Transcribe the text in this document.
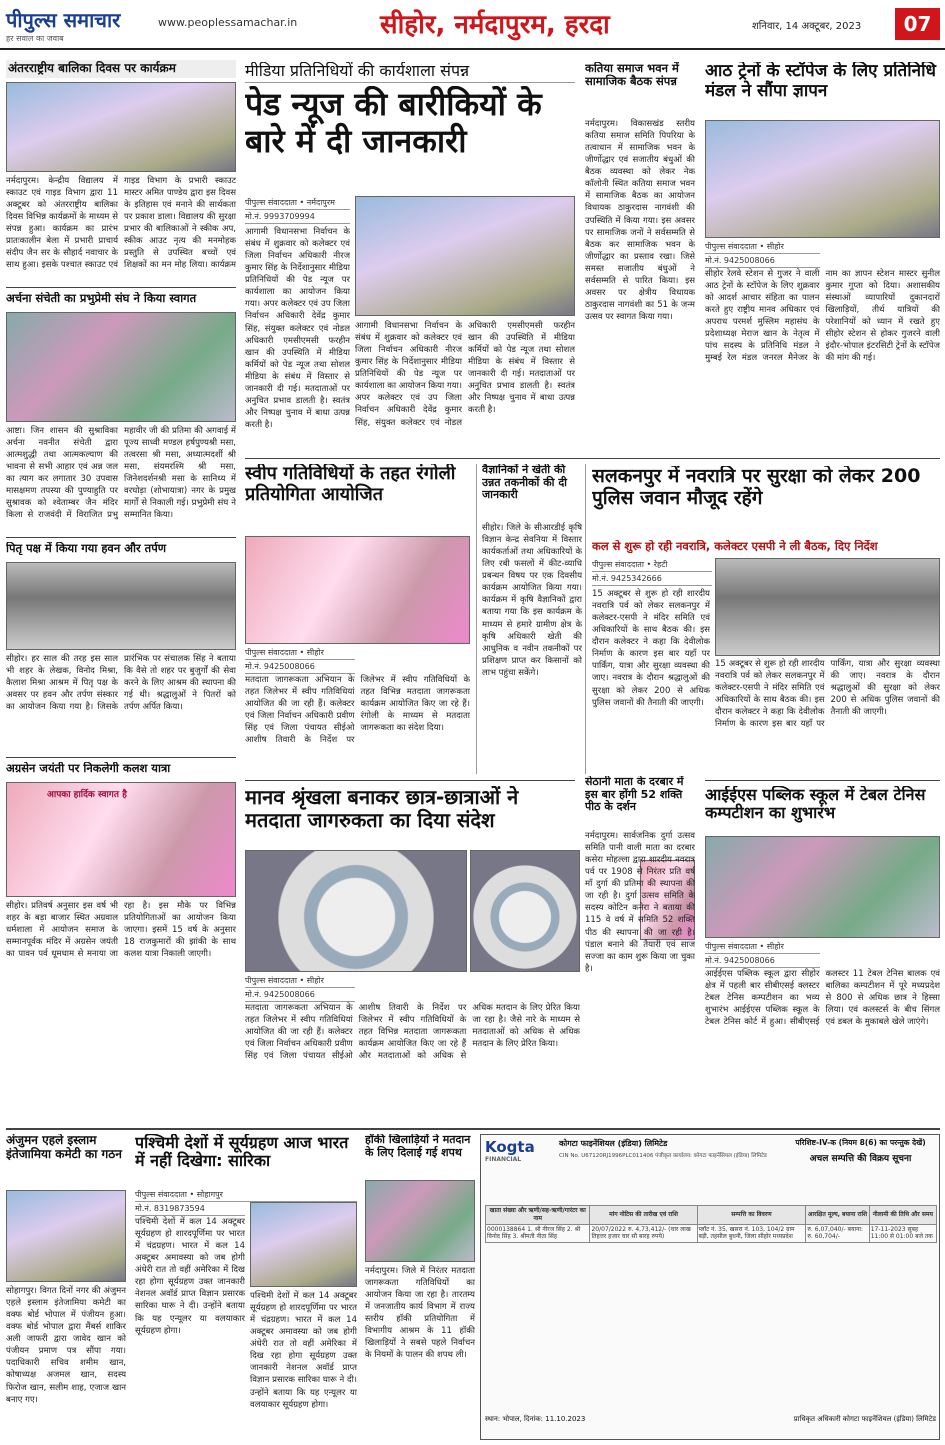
पीपुल्स समाचार
हर सवाल का जवाब
www.peoplessamachar.in	सीहोर, नर्मदापुरम, हरदा	शनिवार, 14 अक्टूबर, 2023	07
अंतरराष्ट्रीय बालिका दिवस पर कार्यक्रम
नर्मदापुरम। केन्द्रीय विद्यालय में स्काउट एवं गाइड विभाग द्वारा 11 अक्टूबर को अंतरराष्ट्रीय बालिका दिवस विभिन्न कार्यक्रमों के माध्यम से संपन्न हुआ। कार्यक्रम का प्रारंभ प्रातःकालीन बेला में प्रभारी प्राचार्य संदीप जैन सर के सौहार्द नवाचार के साथ हुआ। इसके पश्चात स्काउट एवं गाइड विभाग के प्रभारी स्काउट मास्टर अमित पाण्डेय द्वारा इस दिवस के इतिहास एवं मनाने की सार्थकता पर प्रकाश डाला। विद्यालय की सुरक्षा प्रभार की बालिकाओं ने स्कीक अप, स्कीक आउट नृत्य की मनमोहक प्रस्तुति से उपस्थित बच्चों एवं शिक्षकों का मन मोह लिया। कार्यक्रम
अर्चना संचेती का प्रभुप्रेमी संघ ने किया स्वागत
आष्टा। जिन शासन की सुश्राविका अर्चना नवनीत संचेती द्वारा आत्मशुद्धी तथा आत्मकल्याण की भावना से सभी आहार एवं अन्न जल का त्याग कर लगातार 30 उपवास मासक्षमण तपस्या की पुण्याहुति पर सुश्रावक को श्वेताम्बर जैन मंदिर किला से राजवंदी में विराजित प्रभु महावीर जी की प्रतिमा की अगवाई में पूज्य साध्वी मण्डल हर्षपुण्यश्री मसा, तत्वरसा श्री मसा, अध्यात्मदर्शी श्री मसा, संयमरश्मि श्री मसा, जिनेशदर्शनश्री मसा के सानिध्य में वरघोड़ा (शोभायात्रा) नगर के प्रमुख मार्गों से निकाली गई। प्रभुप्रेमी संघ ने सम्मानित किया।
पितृ पक्ष में किया गया हवन और तर्पण
सीहोर। हर साल की तरह इस साल भी शहर के लेखक, विनोद मिश्रा, कैलाश मिश्रा आश्रम में पितृ पक्ष के अवसर पर हवन और तर्पण संस्कार का आयोजन किया गया है। जिसके प्रारंभिक पर संचालक सिंह ने बताया कि वैसे तो शहर पर बुजुर्गों की सेवा करने के लिए आश्रम की स्थापना की गई थी। श्रद्धालुओं ने पितरों को तर्पण अर्पित किया।
अग्रसेन जयंती पर निकलेगी कलश यात्रा
आपका हार्दिक स्वागत है
सीहोर। प्रतिवर्ष अनुसार इस वर्ष भी शहर के बड़ा बाजार स्थित अग्रवाल धर्मशाला में आयोजन समाज के सम्मानपूर्वक मंदिर में अग्रसेन जयंती का पावन पर्व धूमधाम से मनाया जा रहा है। इस मौके पर विभिन्न प्रतियोगिताओं का आयोजन किया जाएगा। इसमें 15 वर्ष के अनुसार 18 राजकुमारों की झांकी के साथ कलश यात्रा निकाली जाएगी।
मीडिया प्रतिनिधियों की कार्यशाला संपन्न
पेड न्यूज की बारीकियों के बारे में दी जानकारी
पीपुल्स संवाददाता • नर्मदापुरम
मो.नं. 9993709994
आगामी विधानसभा निर्वाचन के संबंध में शुक्रवार को कलेक्टर एवं जिला निर्वाचन अधिकारी नीरज कुमार सिंह के निर्देशानुसार मीडिया प्रतिनिधियों की पेड न्यूज पर कार्यशाला का आयोजन किया गया। अपर कलेक्टर एवं उप जिला निर्वाचन अधिकारी देवेंद्र कुमार सिंह, संयुक्त कलेक्टर एवं नोडल अधिकारी एमसीएमसी फरहीन खान की उपस्थिति में मीडिया कर्मियों को पेड न्यूज तथा सोशल मीडिया के संबंध में विस्तार से जानकारी दी गई। मतदाताओं पर अनुचित प्रभाव डालती है। स्वतंत्र और निष्पक्ष चुनाव में बाधा उत्पन्न करती है।
आगामी विधानसभा निर्वाचन के संबंध में शुक्रवार को कलेक्टर एवं जिला निर्वाचन अधिकारी नीरज कुमार सिंह के निर्देशानुसार मीडिया प्रतिनिधियों की पेड न्यूज पर कार्यशाला का आयोजन किया गया। अपर कलेक्टर एवं उप जिला निर्वाचन अधिकारी देवेंद्र कुमार सिंह, संयुक्त कलेक्टर एवं नोडल अधिकारी एमसीएमसी फरहीन खान की उपस्थिति में मीडिया कर्मियों को पेड न्यूज तथा सोशल मीडिया के संबंध में विस्तार से जानकारी दी गई। मतदाताओं पर अनुचित प्रभाव डालती है। स्वतंत्र और निष्पक्ष चुनाव में बाधा उत्पन्न करती है।
स्वीप गतिविधियों के तहत रंगोली प्रतियोगिता आयोजित
पीपुल्स संवाददाता • सीहोर
मो.नं. 9425008066
मतदाता जागरूकता अभियान के तहत जिलेभर में स्वीप गतिविधियां आयोजित की जा रही हैं। कलेक्टर एवं जिला निर्वाचन अधिकारी प्रवीण सिंह एवं जिला पंचायत सीईओ आशीष तिवारी के निर्देश पर जिलेभर में स्वीप गतिविधियों के तहत विभिन्न मतदाता जागरूकता कार्यक्रम आयोजित किए जा रहे हैं। रंगोली के माध्यम से मतदाता जागरूकता का संदेश दिया।
मानव श्रृंखला बनाकर छात्र-छात्राओं ने मतदाता जागरुकता का दिया संदेश
पीपुल्स संवाददाता • सीहोर
मो.नं. 9425008066
मतदाता जागरूकता अभियान के तहत जिलेभर में स्वीप गतिविधियां आयोजित की जा रही हैं। कलेक्टर एवं जिला निर्वाचन अधिकारी प्रवीण सिंह एवं जिला पंचायत सीईओ आशीष तिवारी के निर्देश पर जिलेभर में स्वीप गतिविधियों के तहत विभिन्न मतदाता जागरूकता कार्यक्रम आयोजित किए जा रहे हैं और मतदाताओं को अधिक से अधिक मतदान के लिए प्रेरित किया जा रहा है। जैसे नारे के माध्यम से मतदाताओं को अधिक से अधिक मतदान के लिए प्रेरित किया।
कतिया समाज भवन में सामाजिक बैठक संपन्न
नर्मदापुरम। विकासखंड स्तरीय कतिया समाज समिति पिपरिया के तत्वाधान में सामाजिक भवन के जीर्णोद्धार एवं सजातीय बंधुओं की बैठक व्यवस्था को लेकर नेक कॉलोनी स्थित कतिया समाज भवन में सामाजिक बैठक का आयोजन विधायक ठाकुरदास नागवंशी की उपस्थिति में किया गया। इस अवसर पर सामाजिक जनों ने सर्वसम्मति से बैठक कर सामाजिक भवन के जीर्णोद्धार का प्रस्ताव रखा। जिसे समस्त सजातीय बंधुओं ने सर्वसम्मति से पारित किया। इस अवसर पर क्षेत्रीय विधायक ठाकुरदास नागवंशी का 51 के जन्म उत्सव पर स्वागत किया गया।
वैज्ञानिकों ने खेती की उन्नत तकनीकों की दी जानकारी
सीहोर। जिले के सीआरडीई कृषि विज्ञान केन्द्र सेवनिया में विस्तार कार्यकर्ताओं तथा अधिकारियों के लिए रबी फसलों में कीट-व्याधि प्रबन्धन विषय पर एक दिवसीय कार्यक्रम आयोजित किया गया। कार्यक्रम में कृषि वैज्ञानिकों द्वारा बताया गया कि इस कार्यक्रम के माध्यम से हमारे ग्रामीण क्षेत्र के कृषि अधिकारी खेती की आधुनिक व नवीन तकनीकों पर प्रशिक्षण प्राप्त कर किसानों को लाभ पहुंचा सकेंगे।
सेठानी माता के दरबार में इस बार होंगी 52 शक्ति पीठ के दर्शन
नर्मदापुरम। सार्वजनिक दुर्गा उत्सव समिति पानी वाली माता का दरबार कसेरा मोहल्ला द्वारा शारदीय नवरात्र पर्व पर 1908 से निरंतर प्रति वर्ष माँ दुर्गा की प्रतिमा की स्थापना की जा रही है। दुर्गा उत्सव समिति के सदस्य कोटिन कनेरा ने बताया की 115 वे वर्ष में समिति 52 शक्ति पीठ की स्थापना की जा रही है। पंडाल बनाने की तैयारी एवं साज सज्जा का काम शुरू किया जा चुका है।
आठ ट्रेनों के स्टॉपेज के लिए प्रतिनिधि मंडल ने सौंपा ज्ञापन
पीपुल्स संवाददाता • सीहोर
मो.नं. 9425008066
सीहोर रेलवे स्टेशन से गुजर ने वाली आठ ट्रेनों के स्टॉपेज के लिए शुक्रवार को आदर्श आचार संहिता का पालन करते हुए राष्ट्रीय मानव अधिकार एवं अपराध परमर्श मुस्लिम महासंघ के प्रदेशाध्यक्ष मेराज खान के नेतृत्व में पांच सदस्य के प्रतिनिधि मंडल ने मुम्बई रेल मंडल जनरल मैनेजर के नाम का ज्ञापन स्टेशन मास्टर सुनील कुमार गुप्ता को दिया। अशासकीय संस्थाओं व्यापारियों दुकानदारों खिलाड़ियों, तीर्थ यात्रियों की परेशानियों को ध्यान में रखते हुए सीहोर स्टेशन से होकर गुजरने वाली इंदौर-भोपाल इंटरसिटी ट्रेनों के स्टॉपेज की मांग की गई।
सलकनपुर में नवरात्रि पर सुरक्षा को लेकर 200 पुलिस जवान मौजूद रहेंगे
कल से शुरू हो रही नवरात्रि, कलेक्टर एसपी ने ली बैठक, दिए निर्देश
पीपुल्स संवाददाता • रेहटी
मो.नं. 9425342666
15 अक्टूबर से शुरू हो रही शारदीय नवरात्रि पर्व को लेकर सलकनपुर में कलेक्टर-एसपी ने मंदिर समिति एवं अधिकारियों के साथ बैठक की। इस दौरान कलेक्टर ने कहा कि देवीलोक निर्माण के कारण इस बार यहाँ पर पार्किंग, यात्रा और सुरक्षा व्यवस्था की जाए। नवरात्र के दौरान श्रद्धालुओं की सुरक्षा को लेकर 200 से अधिक पुलिस जवानों की तैनाती की जाएगी।
15 अक्टूबर से शुरू हो रही शारदीय नवरात्रि पर्व को लेकर सलकनपुर में कलेक्टर-एसपी ने मंदिर समिति एवं अधिकारियों के साथ बैठक की। इस दौरान कलेक्टर ने कहा कि देवीलोक निर्माण के कारण इस बार यहाँ पर पार्किंग, यात्रा और सुरक्षा व्यवस्था की जाए। नवरात्र के दौरान श्रद्धालुओं की सुरक्षा को लेकर 200 से अधिक पुलिस जवानों की तैनाती की जाएगी।
आईईएस पब्लिक स्कूल में टेबल टेनिस कम्पटीशन का शुभारंभ
पीपुल्स संवाददाता • सीहोर
मो.नं. 9425008066
आईईएस पब्लिक स्कूल द्वारा सीहोर क्षेत्र में पहली बार सीबीएसई क्लस्टर टेबल टेनिस कम्पटीशन का भव्य शुभारंभ आईईएस पब्लिक स्कूल के टेबल टेनिस कोर्ट में हुआ। सीबीएसई कलस्टर 11 टेबल टेनिस बालक एवं बालिका कम्पटीशन में पूरे मध्यप्रदेश से 800 से अधिक छात्र ने हिस्सा लिया। एवं कलस्टर्स के बीच सिंगल एवं डबल के मुकाबले खेले जाएंगे।
अंजुमन एहले इस्लाम इंतेजामिया कमेटी का गठन
सोहागपुर। विगत दिनों नगर की अंजुमन एहले इस्लाम इंतेजामिया कमेटी का वक्फ बोर्ड भोपाल में पंजीयन हुआ। वक्फ बोर्ड भोपाल द्वारा मैंबर्स शाकिर अली जाफरी द्वारा जावेद खान को पंजीयन प्रमाण पत्र सौंपा गया। पदाधिकारी सचिव शमीम खान, कोषाध्यक्ष अजमल खान, सदस्य फिरोज खान, सलीम शाह, एजाज खान बनाए गए।
पश्चिमी देशों में सूर्यग्रहण आज भारत में नहीं दिखेगा: सारिका
पीपुल्स संवाददाता • सोहागपुर
मो.नं. 8319873594
पश्चिमी देशों में कल 14 अक्टूबर सूर्यग्रहण हो शारदपूर्णिमा पर भारत में चंद्रग्रहण। भारत में कल 14 अक्टूबर अमावस्या को जब होगी अंधेरी रात तो वहीं अमेरिका में दिख रहा होगा सूर्यग्रहण उक्त जानकारी नेशनल अवॉर्ड प्राप्त विज्ञान प्रसारक सारिका घारू ने दी। उन्होंने बताया कि यह एन्यूलर या वलयाकार सूर्यग्रहण होगा।
पश्चिमी देशों में कल 14 अक्टूबर सूर्यग्रहण हो शारदपूर्णिमा पर भारत में चंद्रग्रहण। भारत में कल 14 अक्टूबर अमावस्या को जब होगी अंधेरी रात तो वहीं अमेरिका में दिख रहा होगा सूर्यग्रहण उक्त जानकारी नेशनल अवॉर्ड प्राप्त विज्ञान प्रसारक सारिका घारू ने दी। उन्होंने बताया कि यह एन्यूलर या वलयाकार सूर्यग्रहण होगा।
हॉकी खिलाड़ियों ने मतदान के लिए दिलाई गई शपथ
नर्मदापुरम। जिले में निरंतर मतदाता जागरूकता गतिविधियों का आयोजन किया जा रहा है। तारतम्य में जनजातीय कार्य विभाग में राज्य स्तरीय हॉकी प्रतियोगिता में विभागीय आश्रम के 11 हॉकी खिलाड़ियों ने सबसे पहले निर्वाचन के नियमों के पालन की शपथ ली।
Kogta
FINANCIAL
कोगटा फाइनेंशियल (इंडिया) लिमिटेड
CIN No. U67120RJ1996PLC011406 पंजीकृत कार्यालय: कोगटा फाइनेंसियल (इंडिया) लिमिटेड
परिशिष्ट-IV-क (नियम 8(6) का परन्तुक देखें)
अचल सम्पत्ति की विक्रय सूचना
खाता संख्या और ऋणी/सह-ऋणी/गारंटर का नाम	मांग नोटिस की तारीख एवं राशि	सम्पत्ति का विवरण	आरक्षित मूल्य, बयाना राशि	नीलामी की तिथि और समय
0000138864 1. श्री नीरज सिंह 2. श्री विनोद सिंह 3. श्रीमती नीता सिंह	20/07/2022 रु. 4,73,412/- (चार लाख तिहत्तर हजार चार सौ बारह रुपये)	प्लॉट नं. 35, खसरा नं. 103, 104/2 ग्राम बड़ी, तहसील बुधनी, जिला सीहोर मध्यप्रदेश	रु. 6,07,040/- बयाना: रु. 60,704/-	17-11-2023 सुबह 11:00 से 01:00 बजे तक
स्थान: भोपाल, दिनांक: 11.10.2023	प्राधिकृत अधिकारी कोगटा फाइनेंशियल (इंडिया) लिमिटेड
